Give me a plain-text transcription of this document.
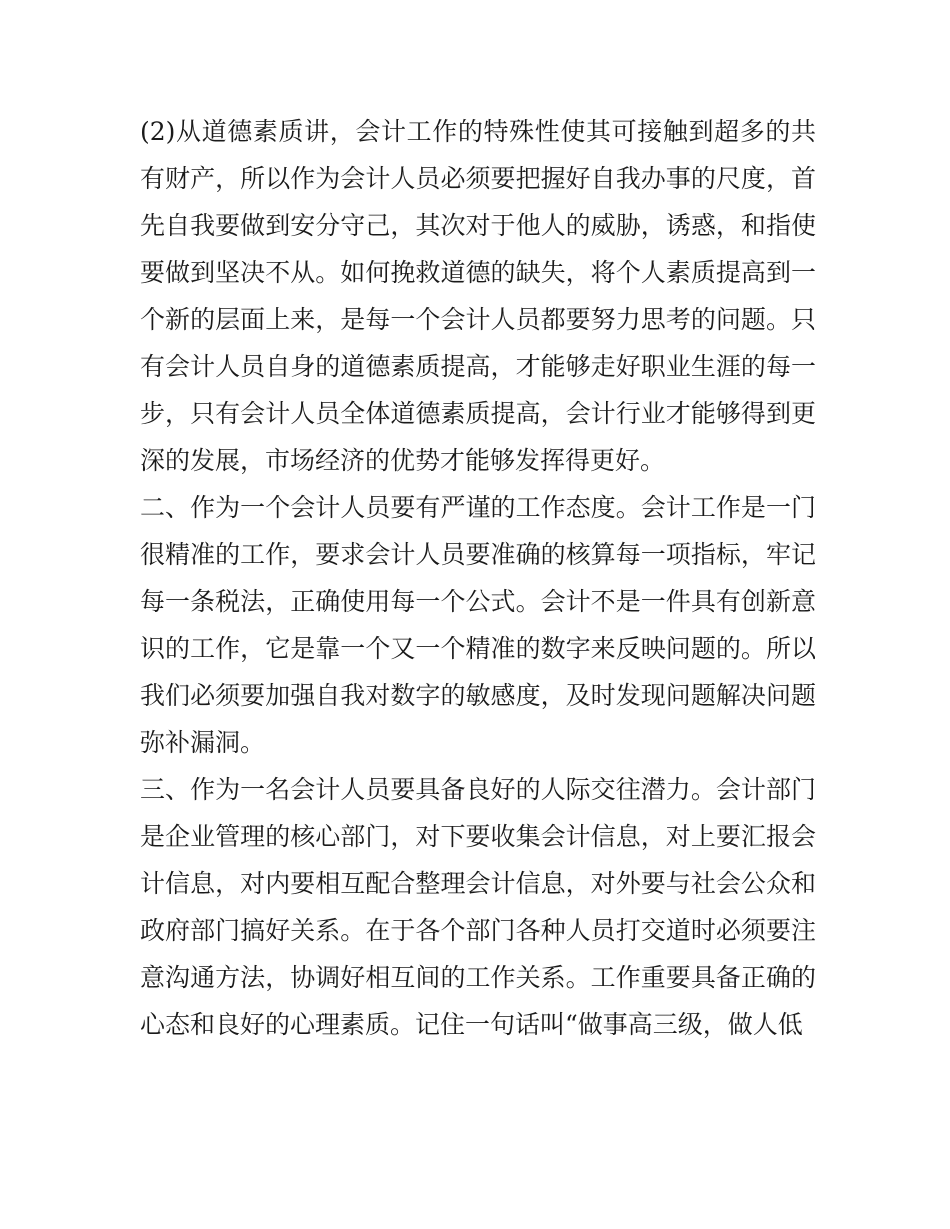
(2)从道德素质讲，会计工作的特殊性使其可接触到超多的共
有财产，所以作为会计人员必须要把握好自我办事的尺度，首
先自我要做到安分守己，其次对于他人的威胁，诱惑，和指使
要做到坚决不从。如何挽救道德的缺失，将个人素质提高到一
个新的层面上来，是每一个会计人员都要努力思考的问题。只
有会计人员自身的道德素质提高，才能够走好职业生涯的每一
步，只有会计人员全体道德素质提高，会计行业才能够得到更
深的发展，市场经济的优势才能够发挥得更好。
二、作为一个会计人员要有严谨的工作态度。会计工作是一门
很精准的工作，要求会计人员要准确的核算每一项指标，牢记
每一条税法，正确使用每一个公式。会计不是一件具有创新意
识的工作，它是靠一个又一个精准的数字来反映问题的。所以
我们必须要加强自我对数字的敏感度，及时发现问题解决问题
弥补漏洞。
三、作为一名会计人员要具备良好的人际交往潜力。会计部门
是企业管理的核心部门，对下要收集会计信息，对上要汇报会
计信息，对内要相互配合整理会计信息，对外要与社会公众和
政府部门搞好关系。在于各个部门各种人员打交道时必须要注
意沟通方法，协调好相互间的工作关系。工作重要具备正确的
心态和良好的心理素质。记住一句话叫“做事高三级，做人低
